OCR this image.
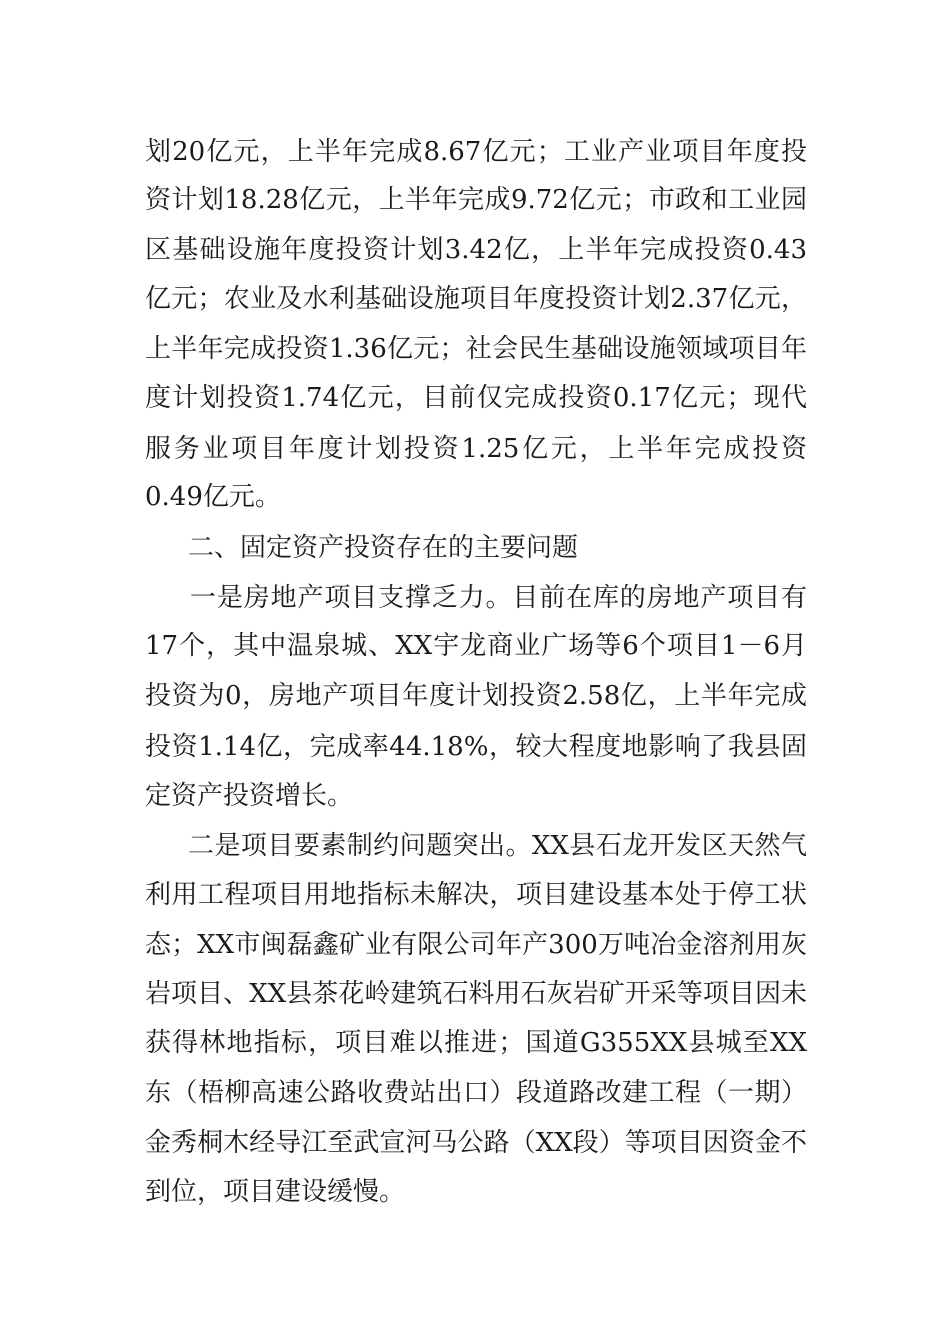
划20亿元，上半年完成8.67亿元；工业产业项目年度投

资计划18.28亿元，上半年完成9.72亿元；市政和工业园

区基础设施年度投资计划3.42亿，上半年完成投资0.43

亿元；农业及水利基础设施项目年度投资计划2.37亿元，

上半年完成投资1.36亿元；社会民生基础设施领域项目年

度计划投资1.74亿元，目前仅完成投资0.17亿元；现代

服务业项目年度计划投资1.25亿元，上半年完成投资

0.49亿元。

二、固定资产投资存在的主要问题

一是房地产项目支撑乏力。目前在库的房地产项目有

17个，其中温泉城、XX宇龙商业广场等6个项目1－6月

投资为0，房地产项目年度计划投资2.58亿，上半年完成

投资1.14亿，完成率44.18%，较大程度地影响了我县固

定资产投资增长。

二是项目要素制约问题突出。XX县石龙开发区天然气

利用工程项目用地指标未解决，项目建设基本处于停工状

态；XX市闽磊鑫矿业有限公司年产300万吨冶金溶剂用灰

岩项目、XX县茶花岭建筑石料用石灰岩矿开采等项目因未

获得林地指标，项目难以推进；国道G355XX县城至XX

东（梧柳高速公路收费站出口）段道路改建工程（一期）

金秀桐木经导江至武宣河马公路（XX段）等项目因资金不

到位，项目建设缓慢。
